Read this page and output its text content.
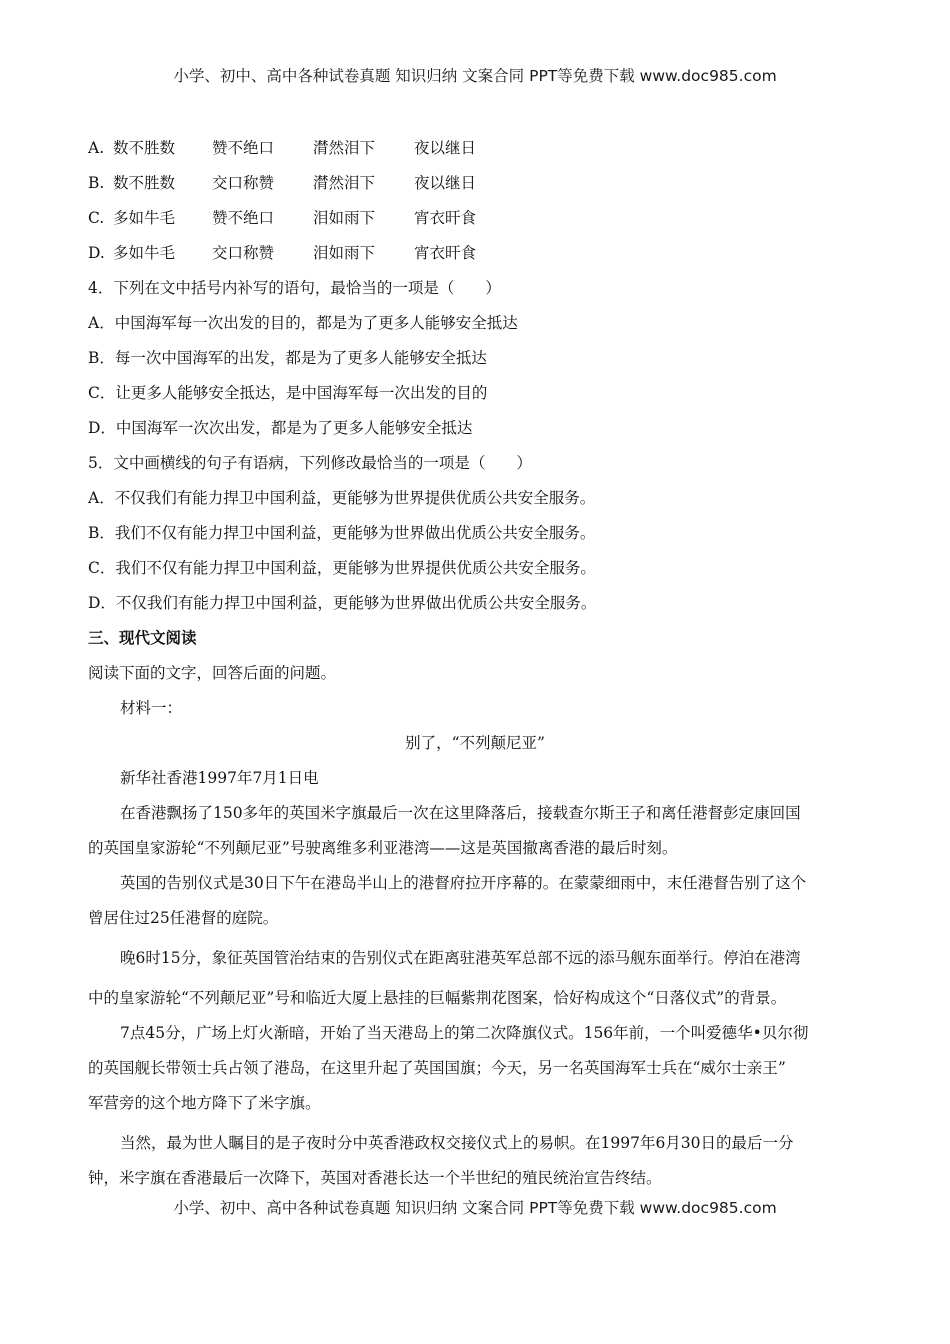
小学、初中、高中各种试卷真题 知识归纳 文案合同 PPT等免费下载 www.doc985.com
A. 数不胜数 赞不绝口	潸然泪下	夜以继日
B. 数不胜数 交口称赞	潸然泪下	夜以继日
C. 多如牛毛 赞不绝口	泪如雨下	宵衣旰食
D. 多如牛毛 交口称赞	泪如雨下	宵衣旰食
4．下列在文中括号内补写的语句，最恰当的一项是（　　）
A．中国海军每一次出发的目的，都是为了更多人能够安全抵达
B．每一次中国海军的出发，都是为了更多人能够安全抵达
C．让更多人能够安全抵达，是中国海军每一次出发的目的
D．中国海军一次次出发，都是为了更多人能够安全抵达
5．文中画横线的句子有语病，下列修改最恰当的一项是（　　）
A．不仅我们有能力捍卫中国利益，更能够为世界提供优质公共安全服务。
B．我们不仅有能力捍卫中国利益，更能够为世界做出优质公共安全服务。
C．我们不仅有能力捍卫中国利益，更能够为世界提供优质公共安全服务。
D．不仅我们有能力捍卫中国利益，更能够为世界做出优质公共安全服务。
三、现代文阅读
阅读下面的文字，回答后面的问题。
材料一：
别了，“不列颠尼亚”
新华社香港1997年7月1日电
在香港飘扬了150多年的英国米字旗最后一次在这里降落后，接载查尔斯王子和离任港督彭定康回国
的英国皇家游轮“不列颠尼亚”号驶离维多利亚港湾——这是英国撤离香港的最后时刻。
英国的告别仪式是30日下午在港岛半山上的港督府拉开序幕的。在蒙蒙细雨中，末任港督告别了这个
曾居住过25任港督的庭院。
晚6时15分，象征英国管治结束的告别仪式在距离驻港英军总部不远的添马舰东面举行。停泊在港湾
中的皇家游轮“不列颠尼亚”号和临近大厦上悬挂的巨幅紫荆花图案，恰好构成这个“日落仪式”的背景。
7点45分，广场上灯火渐暗，开始了当天港岛上的第二次降旗仪式。156年前，一个叫爱德华•贝尔彻
的英国舰长带领士兵占领了港岛，在这里升起了英国国旗；今天，另一名英国海军士兵在“威尔士亲王”
军营旁的这个地方降下了米字旗。
当然，最为世人瞩目的是子夜时分中英香港政权交接仪式上的易帜。在1997年6月30日的最后一分
钟，米字旗在香港最后一次降下，英国对香港长达一个半世纪的殖民统治宣告终结。
小学、初中、高中各种试卷真题 知识归纳 文案合同 PPT等免费下载 www.doc985.com
